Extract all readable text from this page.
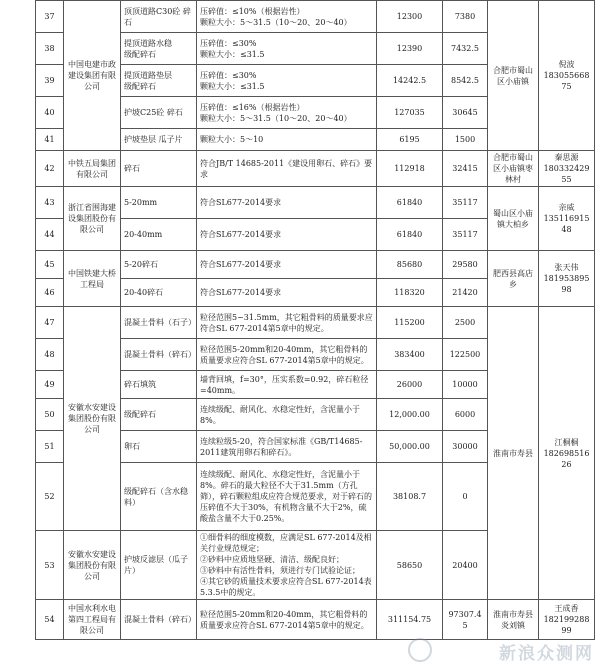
37	中国电建市政建设集团有限公司	顶顶道路C30砼 碎石	压碎值：≤10%（根据岩性）
颗粒大小：5～31.5（10～20、20～40）	12300	7380	合肥市蜀山区小庙镇	倪波
18305566875
38		提顶道路水稳
级配碎石	压碎值：≤30%
颗粒大小：≤31.5	12390	7432.5		
39		提顶道路垫层
级配碎石	压碎值：≤30%
颗粒大小：≤31.5	14242.5	8542.5		
40		护坡C25砼 碎石	压碎值：≤16%（根据岩性）
颗粒大小：5～31.5（10～20、20～40）	127035	30645		
41		护坡垫层 瓜子片	颗粒大小：5～10	6195	1500		
42	中铁五局集团有限公司	碎石	符合JB/T 14685-2011《建设用卵石、碎石》要求	112918	32415	合肥市蜀山区小庙镇枣林村	秦思源
18033242955
43	浙江省围海建设集团股份有限公司	5-20mm	符合SL677-2014要求	61840	35117	蜀山区小庙镇大柏乡	亲威
13511691548
44		20-40mm	符合SL677-2014要求	61840	35117		
45	中国铁建大桥工程局	5-20碎石	符合SL677-2014要求	85680	29580	肥西县高店乡	张天伟
18195389598
46		20-40碎石	符合SL677-2014要求	118320	21420		
47	安徽水安建设集团股份有限公司	混凝土骨料（石子）	粒径范围5~31.5mm，其它粗骨料的质量要求应符合SL 677-2014第5章中的规定。	115200	2500	淮南市寿县	江桐桐
18269851626
48		混凝土骨料（碎石）	粒径范围5-20mm和20-40mm，其它粗骨料的质量要求应符合SL 677-2014第5章中的规定。	383400	122500		
49		碎石填筑	墙背回填，f=30°，压实系数=0.92，碎石粒径=40mm。	26000	10000		
50		级配碎石	连续级配、耐风化、水稳定性好，含泥量小于8%。	12,000.00	6000		
51		卵石	连续粒级5-20，符合国家标准《GB/T14685-2011建筑用卵石和碎石》。	50,000.00	30000		
52		级配碎石（含水稳料）	连续级配、耐风化、水稳定性好，含泥量小于8%。碎石的最大粒径不大于31.5mm（方孔筛），碎石颗粒组成应符合规范要求，对于碎石的压碎值不大于30%，有机物含量不大于2%，硫酸盐含量不大于0.25%。	38108.7	0		
53	安徽水安建设集团股份有限公司	护坡反滤层（瓜子片）	①细骨料的细度模数，应满足SL 677-2014及相关行业规范规定；
②砂料中应质地坚硬、清洁、级配良好；
③砂料中有活性骨料，须进行专门试验论证；
④其它砂的质量技术要求应符合SL 677-2014表5.3.5中的规定。	58650	20400		
54	中国水利水电第四工程局有限公司	混凝土骨料（碎石）	粒径范围5-20mm和20-40mm，其它粗骨料的质量要求应符合SL 677-2014第5章中的规定。	311154.75	97307.45	淮南市寿县炎刘镇	王成香
18219928899
新浪众测网
